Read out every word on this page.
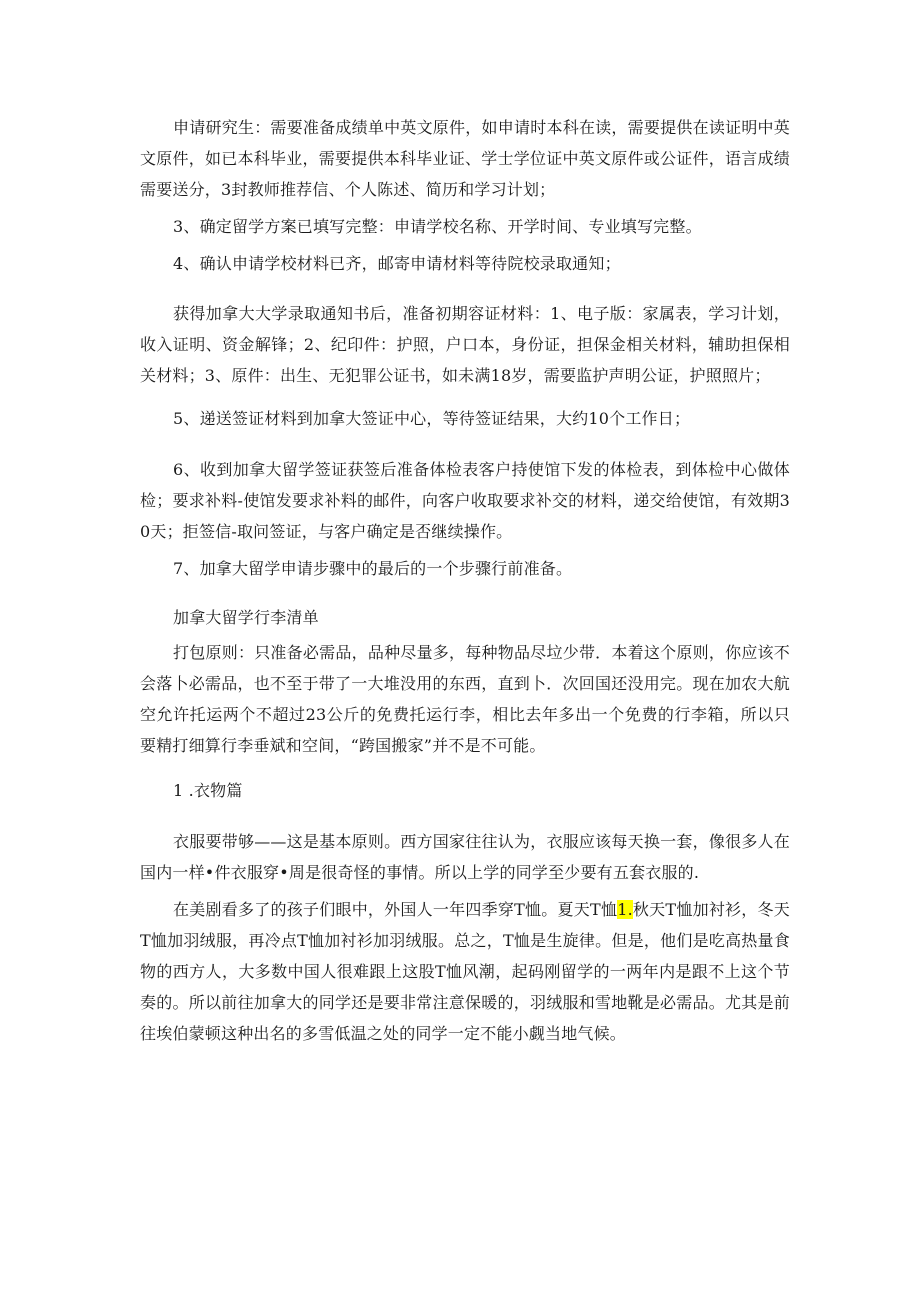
申请研究生：需要准备成绩单中英文原件，如申请时本科在读，需要提供在读证明中英文原件，如已本科毕业，需要提供本科毕业证、学士学位证中英文原件或公证件，语言成绩需要送分，3封教师推荐信、个人陈述、简历和学习计划；

3、确定留学方案已填写完整：申请学校名称、开学时间、专业填写完整。

4、确认申请学校材料已齐，邮寄申请材料等待院校录取通知；

获得加拿大大学录取通知书后，准备初期容证材料：1、电子版：家属表，学习计划，收入证明、资金解锋；2、纪印件：护照，户口本，身份证，担保金相关材料，辅助担保相关材料；3、原件：出生、无犯罪公证书，如未满18岁，需要监护声明公证，护照照片；

5、递送签证材料到加拿大签证中心，等待签证结果，大约10个工作日；

6、收到加拿大留学签证获签后准备体检表客户持使馆下发的体检表，到体检中心做体检；要求补料-使馆发要求补料的邮件，向客户收取要求补交的材料，递交给使馆，有效期30天；拒签信-取问签证，与客户确定是否继续操作。

7、加拿大留学申请步骤中的最后的一个步骤行前准备。

加拿大留学行李清单

打包原则：只准备必需品，品种尽量多，每种物品尽垃少带．本着这个原则，你应该不会落卜必需品，也不至于带了一大堆没用的东西，直到卜．次回国还没用完。现在加农大航空允许托运两个不超过23公斤的免费托运行李，相比去年多出一个免费的行李箱，所以只要精打细算行李垂斌和空间，“跨国搬家”并不是不可能。

1 .衣物篇

衣服要带够——这是基本原则。西方国家往往认为，衣服应该每天换一套，像很多人在国内一样•件衣服穿•周是很奇怪的事情。所以上学的同学至少要有五套衣服的.

在美剧看多了的孩子们眼中，外国人一年四季穿T恤。夏天T恤1.秋天T恤加衬衫，冬天T恤加羽绒服，再冷点T恤加衬衫加羽绒服。总之，T恤是生旋律。但是，他们是吃高热量食物的西方人，大多数中国人很难跟上这股T恤风潮，起码刚留学的一两年内是跟不上这个节奏的。所以前往加拿大的同学还是要非常注意保暖的，羽绒服和雪地靴是必需品。尤其是前往埃伯蒙顿这种出名的多雪低温之处的同学一定不能小觑当地气候。
